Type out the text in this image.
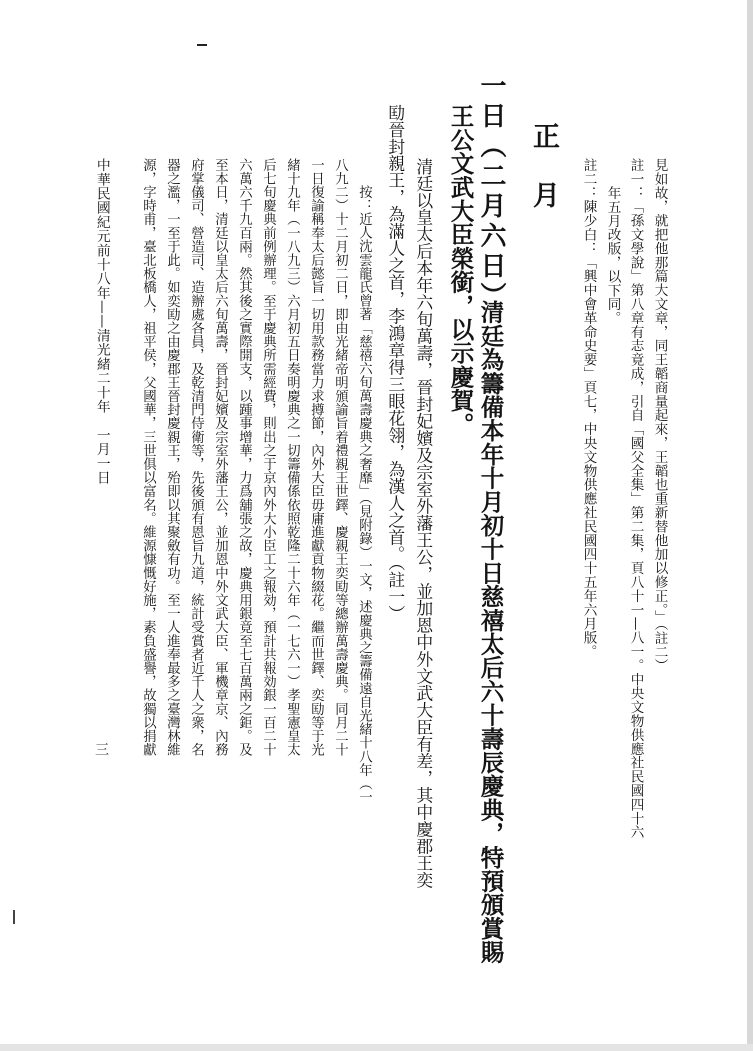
見如故，就把他那篇大文章，同王韜商量起來，王韜也重新替他加以修正。」（註二）
註一：「孫文學說」第八章有志竟成，引自「國父全集」第二集，頁八十一—八一。中央文物供應社民國四十六
年五月改版，以下同。
註二：陳少白：「興中會革命史要」頁七，中央文物供應社民國四十五年六月版。
正月
一日（二月六日）
清廷為籌備本年十月初十日慈禧太后六十壽辰慶典，特預頒賞賜
王公文武大臣榮銜，以示慶賀。
清廷以皇太后本年六旬萬壽，晉封妃嬪及宗室外藩王公，並加恩中外文武大臣有差，其中慶郡王奕
劻晉封親王，為滿人之首，李鴻章得三眼花翎，為漢人之首。（註一）
按：近人沈雲龍氏曾著「慈禧六旬萬壽慶典之奢靡」（見附錄）一文，述慶典之籌備遠自光緒十八年（一
八九二）十二月初二日，即由光緒帝明頒諭旨着禮親王世鐸、慶親王奕劻等總辦萬壽慶典。同月二十
一日復諭稱奉太后懿旨一切用款務當力求撙節，內外大臣毋庸進獻貢物綴花。繼而世鐸、奕劻等于光
緒十九年（一八九三）六月初五日奏明慶典之一切籌備係依照乾隆二十六年（一七六一）孝聖憲皇太
后七旬慶典前例辦理。至于慶典所需經費，則出之于京內外大小臣工之報効，預計共報効銀一百二十
六萬六千九百兩。然其後之實際開支，以踵事增華，力爲舖張之故，慶典用銀竟至七百萬兩之鉅。及
至本日，清廷以皇太后六旬萬壽，晉封妃嬪及宗室外藩王公，並加恩中外文武大臣、軍機章京、內務
府掌儀司、營造司、造辦處各員，及乾清門侍衛等，先後頒有恩旨九道，統計受賞者近千人之衆，名
器之濫，一至于此。如奕劻之由慶郡王晉封慶親王，殆即以其聚斂有功。至一人進奉最多之臺灣林維
源，字時甫，臺北板橋人，祖平侯，父國華，三世俱以富名。維源慷慨好施，素負盛譽，故獨以捐獻
中華民國紀元前十八年——清光緒二十年　一月一日
三
